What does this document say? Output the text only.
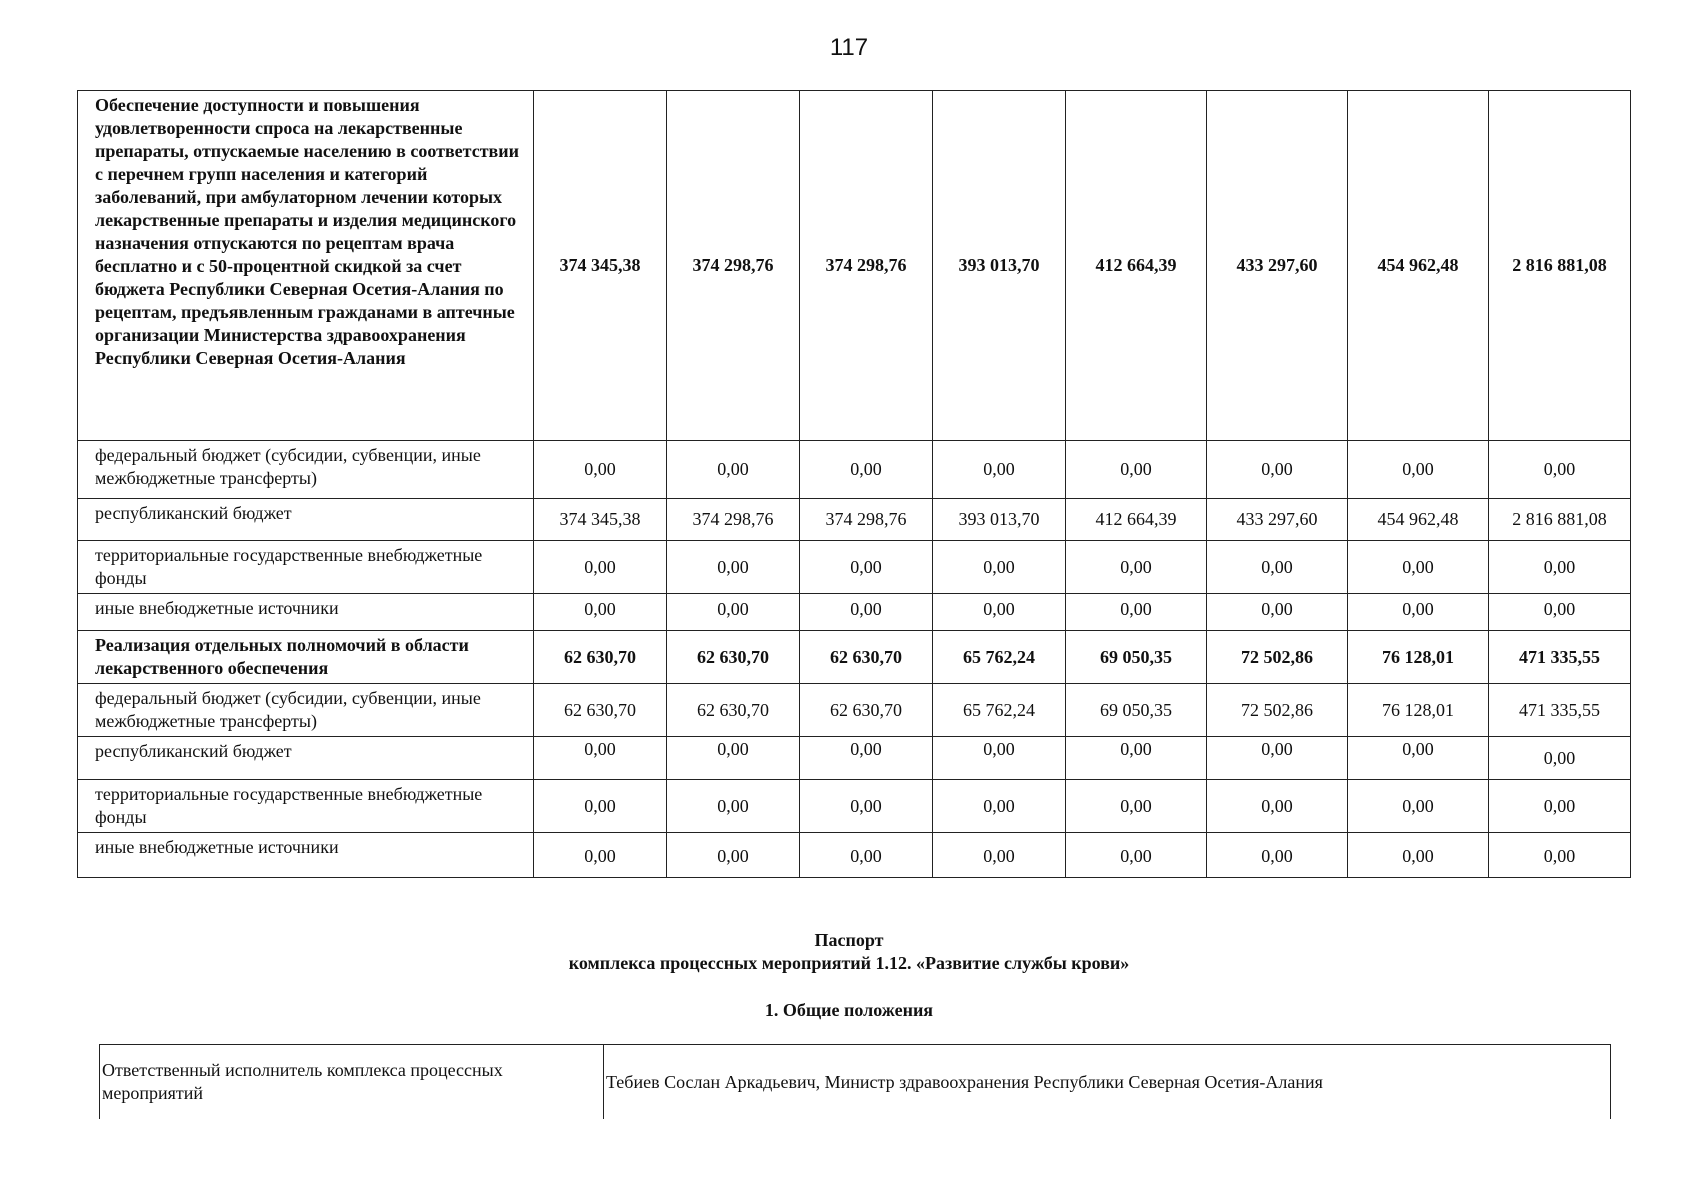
117
Обеспечение доступности и повышения удовлетворенности спроса на лекарственные препараты, отпускаемые населению в соответствии с перечнем групп населения и категорий заболеваний, при амбулаторном лечении которых лекарственные препараты и изделия медицинского назначения отпускаются по рецептам врача бесплатно и с 50-процентной скидкой за счет бюджета Республики Северная Осетия-Алания по рецептам, предъявленным гражданами в аптечные организации Министерства здравоохранения Республики Северная Осетия-Алания	374 345,38	374 298,76	374 298,76	393 013,70	412 664,39	433 297,60	454 962,48	2 816 881,08
федеральный бюджет (субсидии, субвенции, иные межбюджетные трансферты)	0,00	0,00	0,00	0,00	0,00	0,00	0,00	0,00
республиканский бюджет	374 345,38	374 298,76	374 298,76	393 013,70	412 664,39	433 297,60	454 962,48	2 816 881,08
территориальные государственные внебюджетные фонды	0,00	0,00	0,00	0,00	0,00	0,00	0,00	0,00
иные внебюджетные источники	0,00	0,00	0,00	0,00	0,00	0,00	0,00	0,00
Реализация отдельных полномочий в области лекарственного обеспечения	62 630,70	62 630,70	62 630,70	65 762,24	69 050,35	72 502,86	76 128,01	471 335,55
федеральный бюджет (субсидии, субвенции, иные межбюджетные трансферты)	62 630,70	62 630,70	62 630,70	65 762,24	69 050,35	72 502,86	76 128,01	471 335,55
республиканский бюджет	0,00	0,00	0,00	0,00	0,00	0,00	0,00	0,00
территориальные государственные внебюджетные фонды	0,00	0,00	0,00	0,00	0,00	0,00	0,00	0,00
иные внебюджетные источники	0,00	0,00	0,00	0,00	0,00	0,00	0,00	0,00
Паспорт
комплекса процессных мероприятий 1.12. «Развитие службы крови»
1. Общие положения
Ответственный исполнитель комплекса процессных мероприятий	Тебиев Сослан Аркадьевич, Министр здравоохранения Республики Северная Осетия-Алания
